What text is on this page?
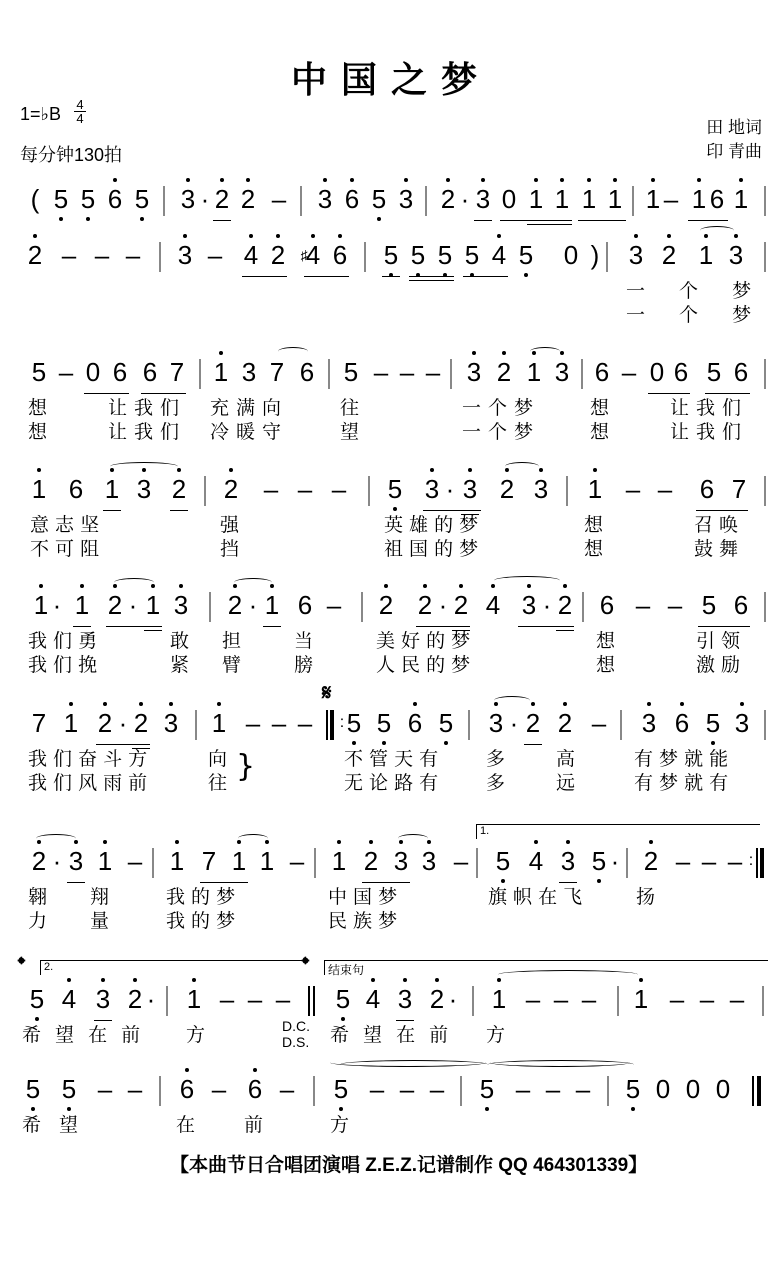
中国之梦
1=♭B 4

4
每分钟130拍
田 地词
印 青曲
( 5 5 6 5 3 · 2 2 – 3 6 5 3 2 · 3 0 1 1 1 1 1 – 1 6 1
2 – – – 3 – 4 2	♯
4 6 5 5 5 5 4 5 0 ) 3 2 1 3
一 个 梦
一 个 梦
5 – 0 6 6 7 1 3 7 6 5 – – – 3 2 1 3 6 – 0 6 5 6
想	让我们 充满向	往	一个梦	想	让我们
想	让我们 冷暖守	望	一个梦	想	让我们
1 6 1 3 2 2 – – – 5 3 · 3 2 3 1 – – 6 7
意 志 坚	强	英 雄 的 梦	想	召 唤
不 可 阻	挡	祖 国 的 梦	想	鼓 舞
1 · 1 2 · 1 3 2 · 1 6 – 2 2 · 2 4 3 · 2 6 – – 5 6
我 们 勇	敢 担	当	美 好 的 梦	想	引 领
我 们 挽	紧 臂	膀	人 民 的 梦	想	激 励
7 1 2 · 2 3 1 – – –
𝄋
: 5 5 6 5 3 · 2 2 – 3 6 5 3
我 们 奋 斗 方	向	不 管 天 有	多	高	有 梦 就 能
我 们 风 雨 前	往 }	无 论 路 有	多	远	有 梦 就 有
2 · 3 1 – 1 7 1 1 – 1 2 3 3 –
1.
5 4 3 5 · 2 – – – :
翱 翔	我 的 梦	中 国 梦	旗 帜 在 飞	扬
力 量	我 的 梦	民 族 梦
𝄌	2.
5 4 3 2 · 1 – – –
𝄌	结束句
5 4 3 2 · 1 – – – 1 – – –
希 望 在 前 方	D.C.
D.S. 希 望 在 前 方
5 5 – – 6 – 6 – 5 – – – 5 – – – 5 0 0 0
希 望	在	前	方
【本曲节日合唱团演唱 Z.E.Z.记谱制作 QQ 464301339】
